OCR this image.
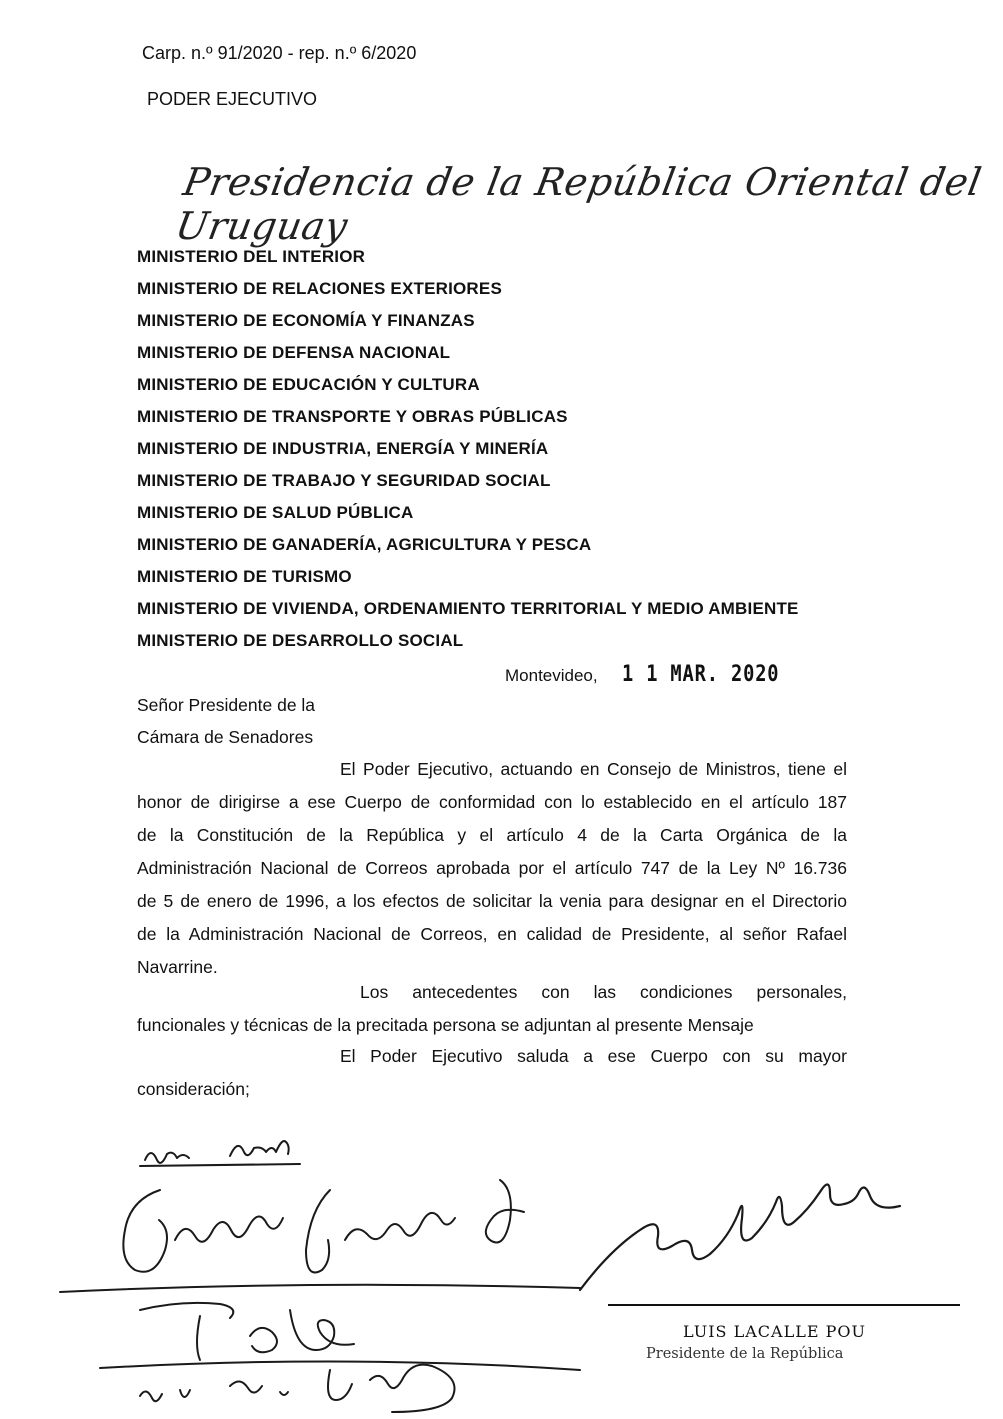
Carp. n.º 91/2020 - rep. n.º 6/2020
PODER EJECUTIVO
Presidencia de la República Oriental del Uruguay
MINISTERIO DEL INTERIOR
MINISTERIO DE RELACIONES EXTERIORES
MINISTERIO DE ECONOMÍA Y FINANZAS
MINISTERIO DE DEFENSA NACIONAL
MINISTERIO DE EDUCACIÓN Y CULTURA
MINISTERIO DE TRANSPORTE Y OBRAS PÚBLICAS
MINISTERIO DE INDUSTRIA, ENERGÍA Y MINERÍA
MINISTERIO DE TRABAJO Y SEGURIDAD SOCIAL
MINISTERIO DE SALUD PÚBLICA
MINISTERIO DE GANADERÍA, AGRICULTURA Y PESCA
MINISTERIO DE TURISMO
MINISTERIO DE VIVIENDA, ORDENAMIENTO TERRITORIAL Y MEDIO AMBIENTE
MINISTERIO DE DESARROLLO SOCIAL
Montevideo, 1 1 MAR. 2020
Señor Presidente de la
Cámara de Senadores
El Poder Ejecutivo, actuando en Consejo de Ministros, tiene el
honor de dirigirse a ese Cuerpo de conformidad con lo establecido en el artículo 187
de la Constitución de la República y el artículo 4 de la Carta Orgánica de la
Administración Nacional de Correos aprobada por el artículo 747 de la Ley Nº 16.736
de 5 de enero de 1996, a los efectos de solicitar la venia para designar en el Directorio
de la Administración Nacional de Correos, en calidad de Presidente, al señor Rafael
Navarrine.
Los antecedentes con las condiciones personales,
funcionales y técnicas de la precitada persona se adjuntan al presente Mensaje
El Poder Ejecutivo saluda a ese Cuerpo con su mayor
consideración;
LUIS LACALLE POU
Presidente de la República
